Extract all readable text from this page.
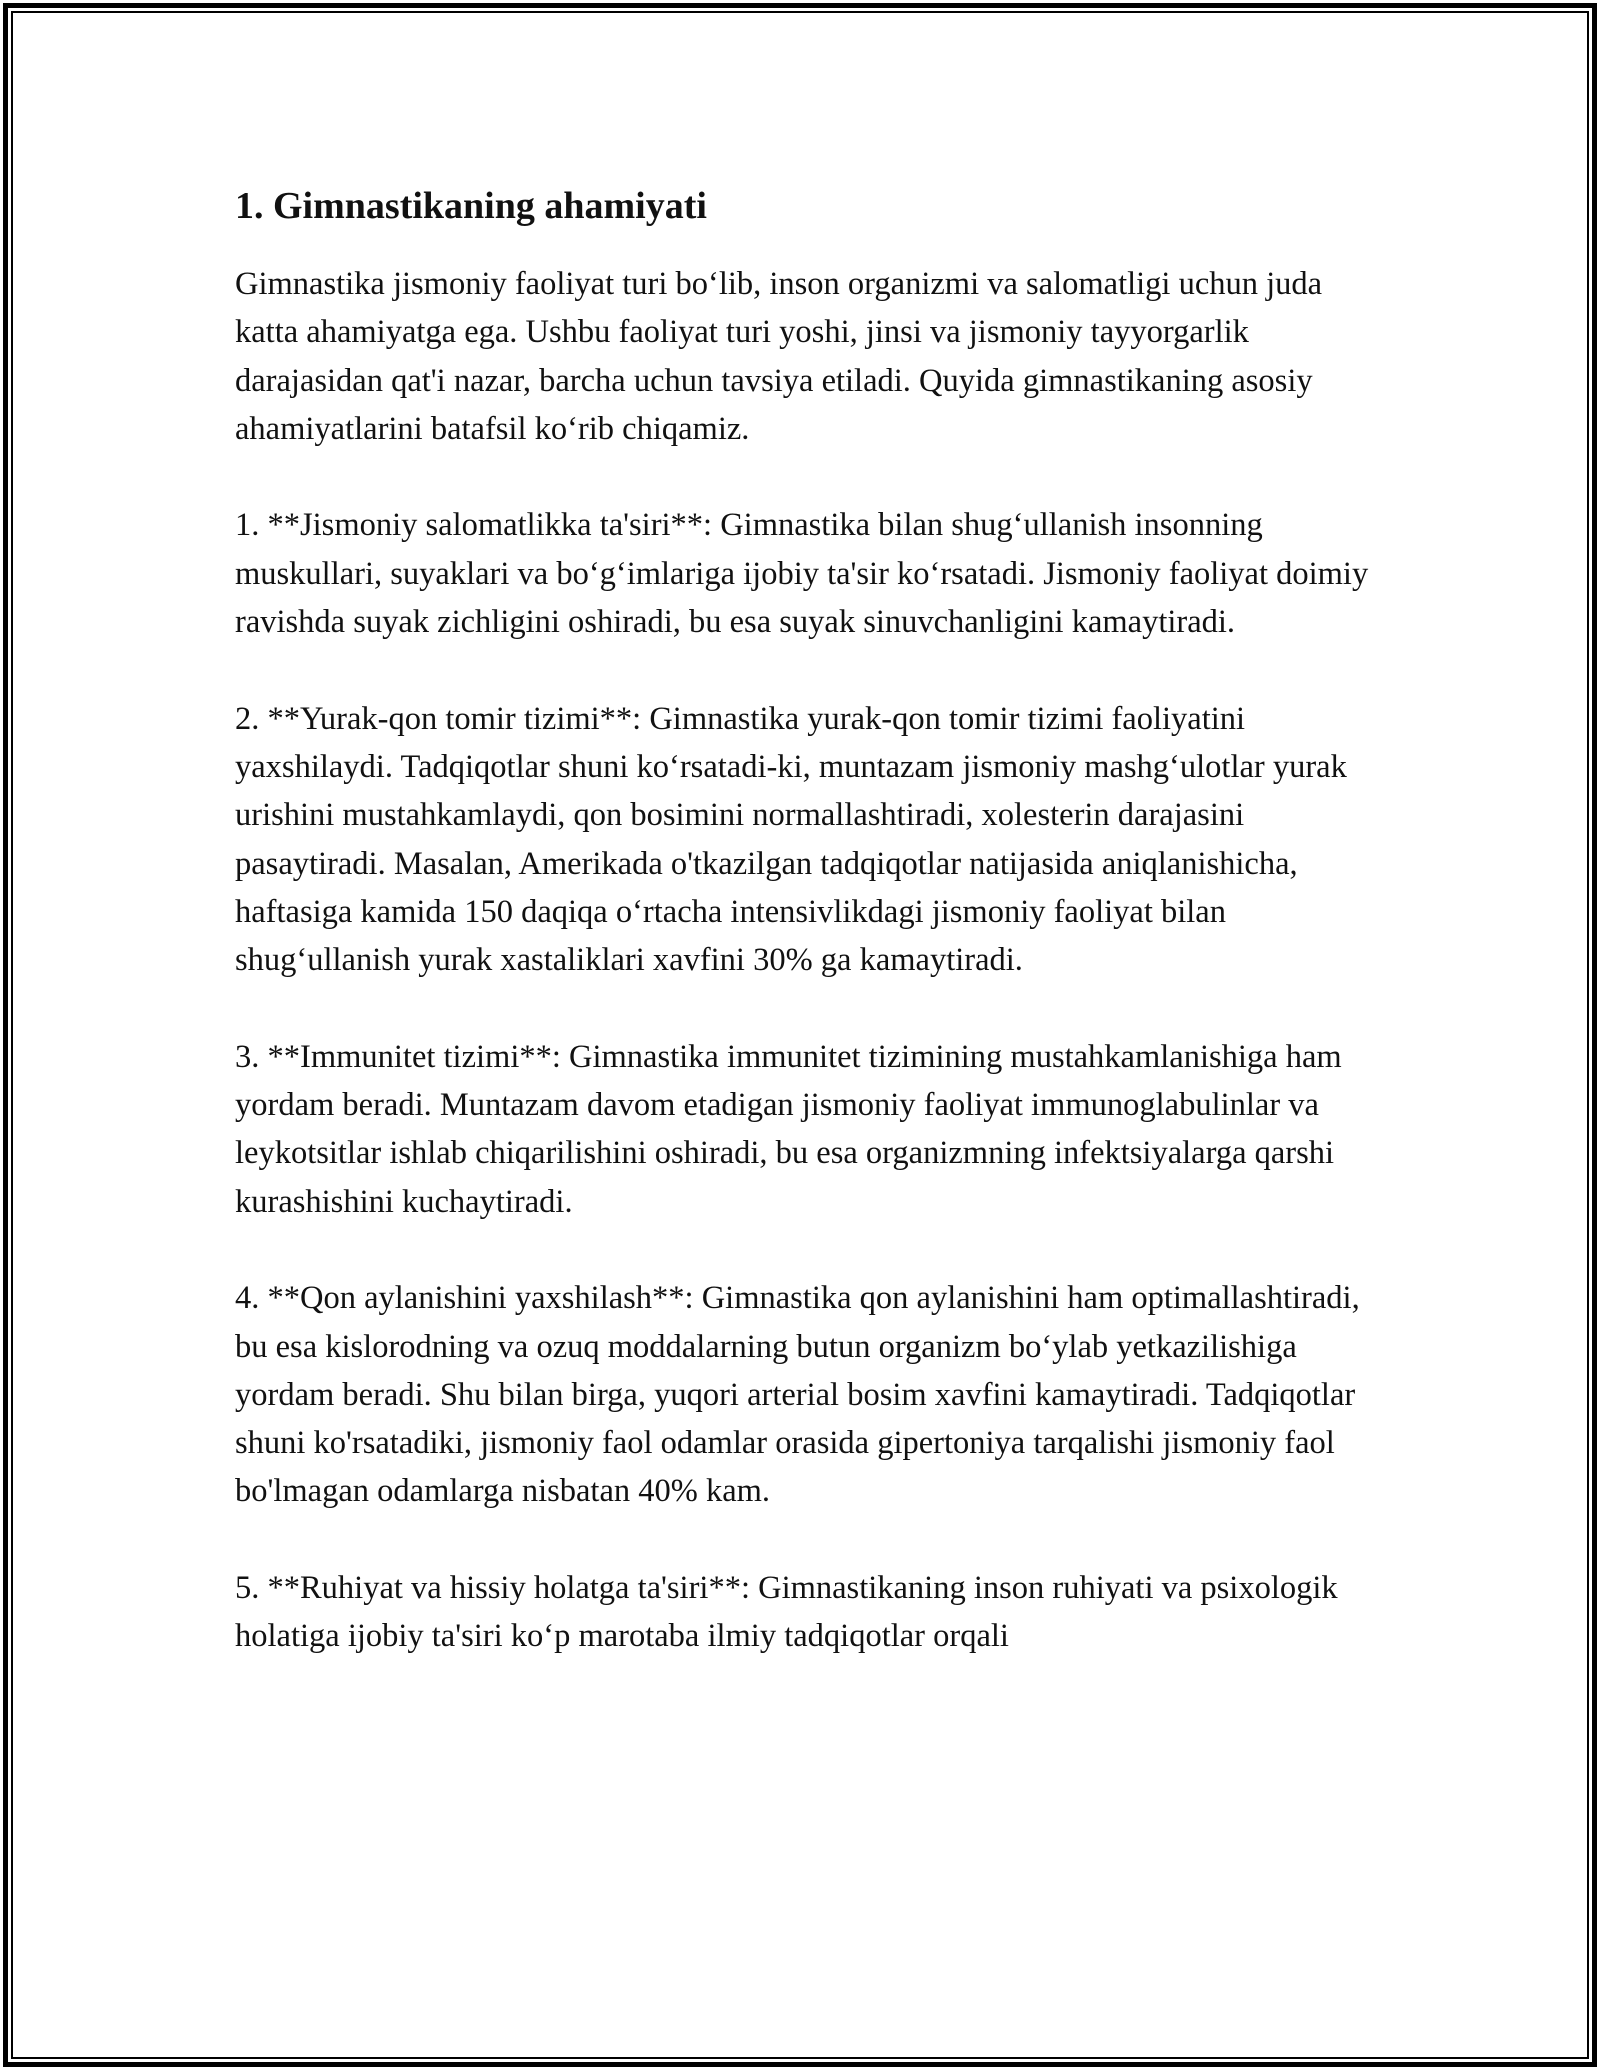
1. Gimnastikaning ahamiyati

Gimnastika jismoniy faoliyat turi bo‘lib, inson organizmi va salomatligi uchun juda katta ahamiyatga ega. Ushbu faoliyat turi yoshi, jinsi va jismoniy tayyorgarlik darajasidan qat'i nazar, barcha uchun tavsiya etiladi. Quyida gimnastikaning asosiy ahamiyatlarini batafsil ko‘rib chiqamiz.

1. **Jismoniy salomatlikka ta'siri**: Gimnastika bilan shug‘ullanish insonning muskullari, suyaklari va bo‘g‘imlariga ijobiy ta'sir ko‘rsatadi. Jismoniy faoliyat doimiy ravishda suyak zichligini oshiradi, bu esa suyak sinuvchanligini kamaytiradi.

2. **Yurak-qon tomir tizimi**: Gimnastika yurak-qon tomir tizimi faoliyatini yaxshilaydi. Tadqiqotlar shuni ko‘rsatadi-ki, muntazam jismoniy mashg‘ulotlar yurak urishini mustahkamlaydi, qon bosimini normallashtiradi, xolesterin darajasini pasaytiradi. Masalan, Amerikada o'tkazilgan tadqiqotlar natijasida aniqlanishicha, haftasiga kamida 150 daqiqa o‘rtacha intensivlikdagi jismoniy faoliyat bilan shug‘ullanish yurak xastaliklari xavfini 30% ga kamaytiradi.

3. **Immunitet tizimi**: Gimnastika immunitet tizimining mustahkamlanishiga ham yordam beradi. Muntazam davom etadigan jismoniy faoliyat immunoglabulinlar va leykotsitlar ishlab chiqarilishini oshiradi, bu esa organizmning infektsiyalarga qarshi kurashishini kuchaytiradi.

4. **Qon aylanishini yaxshilash**: Gimnastika qon aylanishini ham optimallashtiradi, bu esa kislorodning va ozuq moddalarning butun organizm bo‘ylab yetkazilishiga yordam beradi. Shu bilan birga, yuqori arterial bosim xavfini kamaytiradi. Tadqiqotlar shuni ko'rsatadiki, jismoniy faol odamlar orasida gipertoniya tarqalishi jismoniy faol bo'lmagan odamlarga nisbatan 40% kam.

5. **Ruhiyat va hissiy holatga ta'siri**: Gimnastikaning inson ruhiyati va psixologik holatiga ijobiy ta'siri ko‘p marotaba ilmiy tadqiqotlar orqali
